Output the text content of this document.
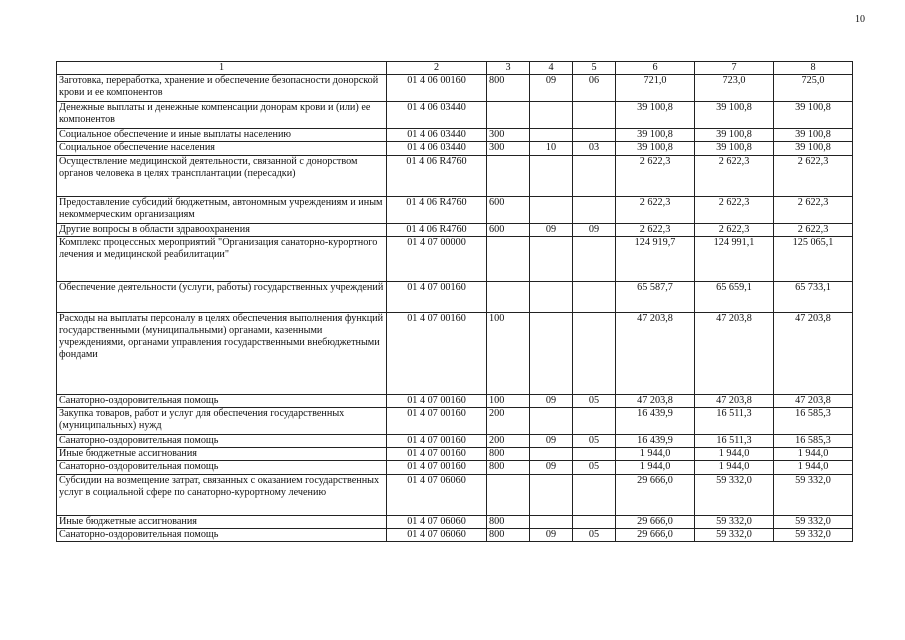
10
1	2	3	4	5	6	7	8
Заготовка, переработка, хранение и обеспечение безопасности донорской крови и ее компонентов	01 4 06 00160	800	09	06	721,0	723,0	725,0
Денежные выплаты и денежные компенсации донорам крови и (или) ее компонентов	01 4 06 03440				39 100,8	39 100,8	39 100,8
Социальное обеспечение и иные выплаты населению	01 4 06 03440	300			39 100,8	39 100,8	39 100,8
Социальное обеспечение населения	01 4 06 03440	300	10	03	39 100,8	39 100,8	39 100,8
Осуществление медицинской деятельности, связанной с донорством органов человека в целях трансплантации (пересадки)	01 4 06 R4760				2 622,3	2 622,3	2 622,3
Предоставление субсидий бюджетным, автономным учреждениям и иным некоммерческим организациям	01 4 06 R4760	600			2 622,3	2 622,3	2 622,3
Другие вопросы в области здравоохранения	01 4 06 R4760	600	09	09	2 622,3	2 622,3	2 622,3
Комплекс процессных мероприятий "Организация санаторно-курортного лечения и медицинской реабилитации"	01 4 07 00000				124 919,7	124 991,1	125 065,1
Обеспечение деятельности (услуги, работы) государственных учреждений	01 4 07 00160				65 587,7	65 659,1	65 733,1
Расходы на выплаты персоналу в целях обеспечения выполнения функций государственными (муниципальными) органами, казенными учреждениями, органами управления государственными внебюджетными фондами	01 4 07 00160	100			47 203,8	47 203,8	47 203,8
Санаторно-оздоровительная помощь	01 4 07 00160	100	09	05	47 203,8	47 203,8	47 203,8
Закупка товаров, работ и услуг для обеспечения государственных (муниципальных) нужд	01 4 07 00160	200			16 439,9	16 511,3	16 585,3
Санаторно-оздоровительная помощь	01 4 07 00160	200	09	05	16 439,9	16 511,3	16 585,3
Иные бюджетные ассигнования	01 4 07 00160	800			1 944,0	1 944,0	1 944,0
Санаторно-оздоровительная помощь	01 4 07 00160	800	09	05	1 944,0	1 944,0	1 944,0
Субсидии на возмещение затрат, связанных с оказанием государственных услуг в социальной сфере по санаторно-курортному лечению	01 4 07 06060				29 666,0	59 332,0	59 332,0
Иные бюджетные ассигнования	01 4 07 06060	800			29 666,0	59 332,0	59 332,0
Санаторно-оздоровительная помощь	01 4 07 06060	800	09	05	29 666,0	59 332,0	59 332,0
